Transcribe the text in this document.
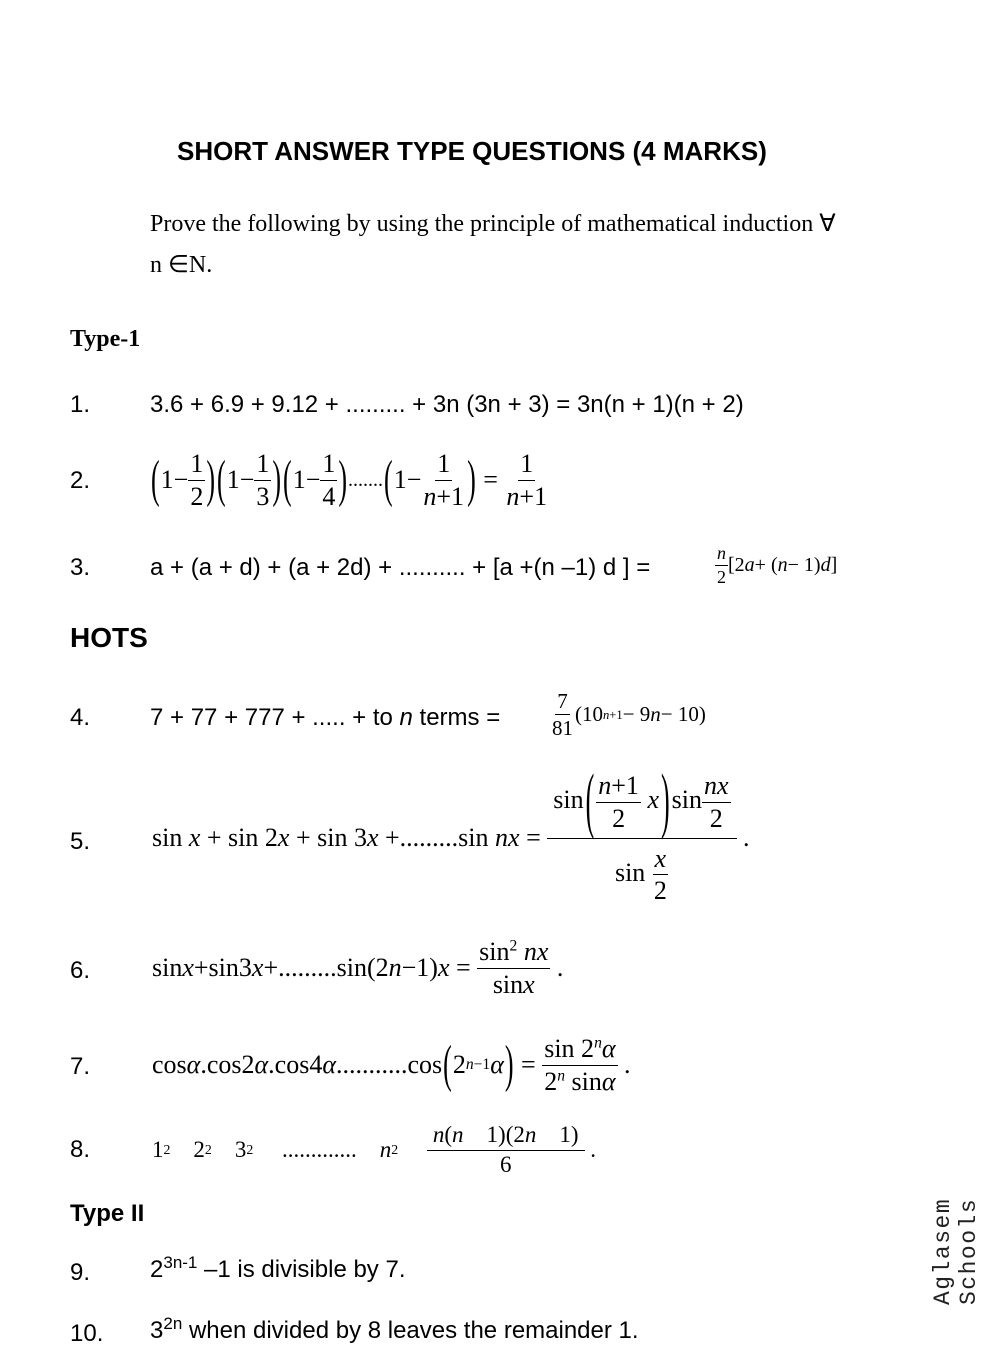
SHORT ANSWER TYPE QUESTIONS (4 MARKS)
Prove the following by using the principle of mathematical induction ∀
n ∈N.
Type-1
1. 3.6 + 6.9 + 9.12 + ......... + 3n (3n + 3) = 3n(n + 1)(n + 2)
2. ( $1- \frac{1}{2}$ ) ( $1- \frac{1}{3}$ ) ( $1- \frac{1}{4}$ ) ....... ( $1- \frac{1}{n+1}$ ) = $\frac{1}{n+1}$
3. a + (a + d) + (a + 2d) + .......... + [a +(n –1) d ] =	$\frac{n}{2} [2$ a + ( n − 1) d ]
HOTS
4. 7 + 77 + 777 + ..... + to n terms = $\frac{7}{81} (10$ n +1 − 9 n − 10)
5. sin x + sin 2 x + sin 3 x +.........sin nx = $\frac{\sin( \frac{n+1}{2} x)\sin \frac{nx}{2}}{\sin \frac{x}{2}}$ .
6. sin x +sin3 x +.........sin(2 n −1) $x = \frac{\sin^2 nx}{\sin x}$ .
7. cos α .cos2 α .cos4 α ...........cos ( 2 n−1 α ) = $\frac{\sin 2^n\alpha}{2^n \sin\alpha}$ .
8.	1 2 2 2 3 2 ............. n 2
$\frac{n(n 1)(2n 1)}{6}$ .
Type II
9. $2^{3n-1}$ –1 is divisible by 7.
10. $3^{2n}$ when divided by 8 leaves the remainder 1.
Aglasem Schools
